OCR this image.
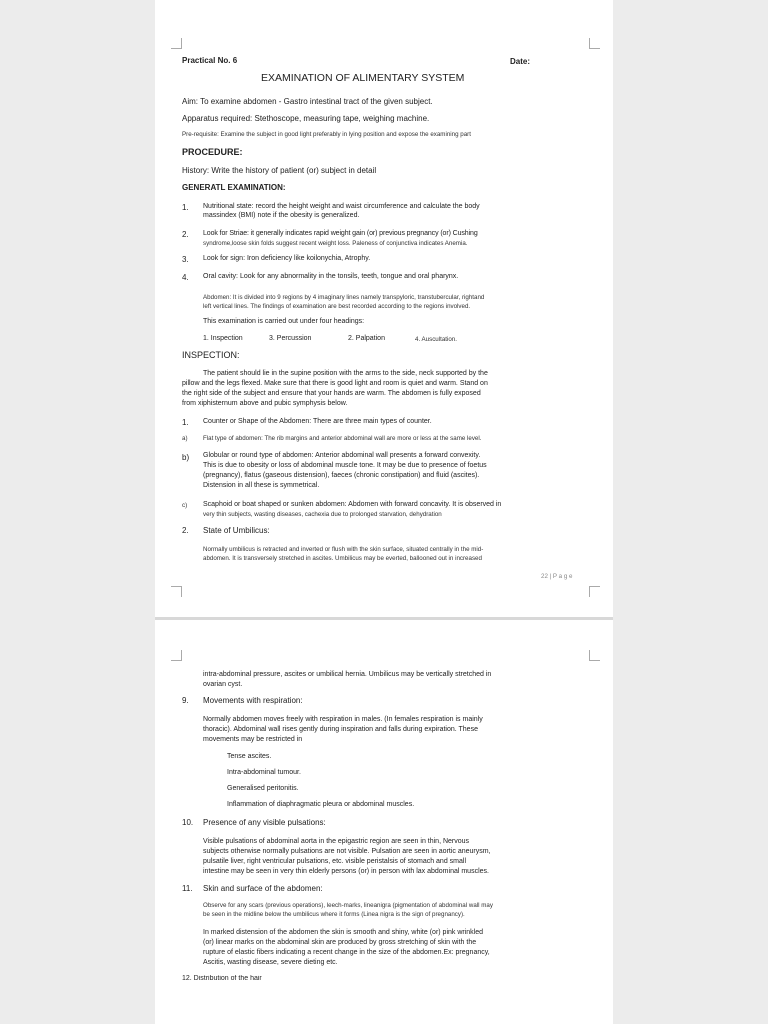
Practical No. 6	Date:
EXAMINATION OF ALIMENTARY SYSTEM
Aim: To examine abdomen - Gastro intestinal tract of the given subject.
Apparatus required: Stethoscope, measuring tape, weighing machine.
Pre-requisite: Examine the subject in good light preferably in lying position and expose the examining part
PROCEDURE:
History: Write the history of patient (or) subject in detail
GENERATL EXAMINATION:
1. Nutritional state: record the height weight and waist circumference and calculate the body
massindex (BMI) note if the obesity is generalized.
2. Look for Striae: it generally indicates rapid weight gain (or) previous pregnancy (or) Cushing
syndrome,loose skin folds suggest recent weight loss. Paleness of conjunctiva indicates Anemia.
3. Look for sign: Iron deficiency like koilonychia, Atrophy.
4. Oral cavity: Look for any abnormality in the tonsils, teeth, tongue and oral pharynx.
Abdomen: It is divided into 9 regions by 4 imaginary lines namely transpyloric, transtubercular, rightand
left vertical lines. The findings of examination are best recorded according to the regions involved.
This examination is carried out under four headings:
1. Inspection	3. Percussion	2. Palpation	4. Auscultation.
INSPECTION:
The patient should lie in the supine position with the arms to the side, neck supported by the
pillow and the legs flexed. Make sure that there is good light and room is quiet and warm. Stand on
the right side of the subject and ensure that your hands are warm. The abdomen is fully exposed
from xiphisternum above and pubic symphysis below.
1. Counter or Shape of the Abdomen: There are three main types of counter.
a) Flat type of abdomen: The rib margins and anterior abdominal wall are more or less at the same level.
b) Globular or round type of abdomen: Anterior abdominal wall presents a forward convexity.
This is due to obesity or loss of abdominal muscle tone. It may be due to presence of foetus
(pregnancy), flatus (gaseous distension), faeces (chronic constipation) and fluid (ascites).
Distension in all these is symmetrical.
c) Scaphoid or boat shaped or sunken abdomen: Abdomen with forward concavity. It is observed in
very thin subjects, wasting diseases, cachexia due to prolonged starvation, dehydration
2. State of Umbilicus:
Normally umbilicus is retracted and inverted or flush with the skin surface, situated centrally in the mid-
abdomen. It is transversely stretched in ascites. Umbilicus may be everted, ballooned out in increased
22 | P a g e
intra-abdominal pressure, ascites or umbilical hernia. Umbilicus may be vertically stretched in
ovarian cyst.
9. Movements with respiration:
Normally abdomen moves freely with respiration in males. (In females respiration is mainly
thoracic). Abdominal wall rises gently during inspiration and falls during expiration. These
movements may be restricted in
Tense ascites.
Intra-abdominal tumour.
Generalised peritonitis.
Inflammation of diaphragmatic pleura or abdominal muscles.
10. Presence of any visible pulsations:
Visible pulsations of abdominal aorta in the epigastric region are seen in thin, Nervous
subjects otherwise normally pulsations are not visible. Pulsation are seen in aortic aneurysm,
pulsatile liver, right ventricular pulsations, etc. visible peristalsis of stomach and small
intestine may be seen in very thin elderly persons (or) in person with lax abdominal muscles.
11. Skin and surface of the abdomen:
Observe for any scars (previous operations), leech-marks, lineanigra (pigmentation of abdominal wall may
be seen in the midline below the umbilicus where it forms (Linea nigra is the sign of pregnancy).
In marked distension of the abdomen the skin is smooth and shiny, white (or) pink wrinkled
(or) linear marks on the abdominal skin are produced by gross stretching of skin with the
rupture of elastic fibers indicating a recent change in the size of the abdomen.Ex: pregnancy,
Ascitis, wasting disease, severe dieting etc.
12. Distribution of the hair
